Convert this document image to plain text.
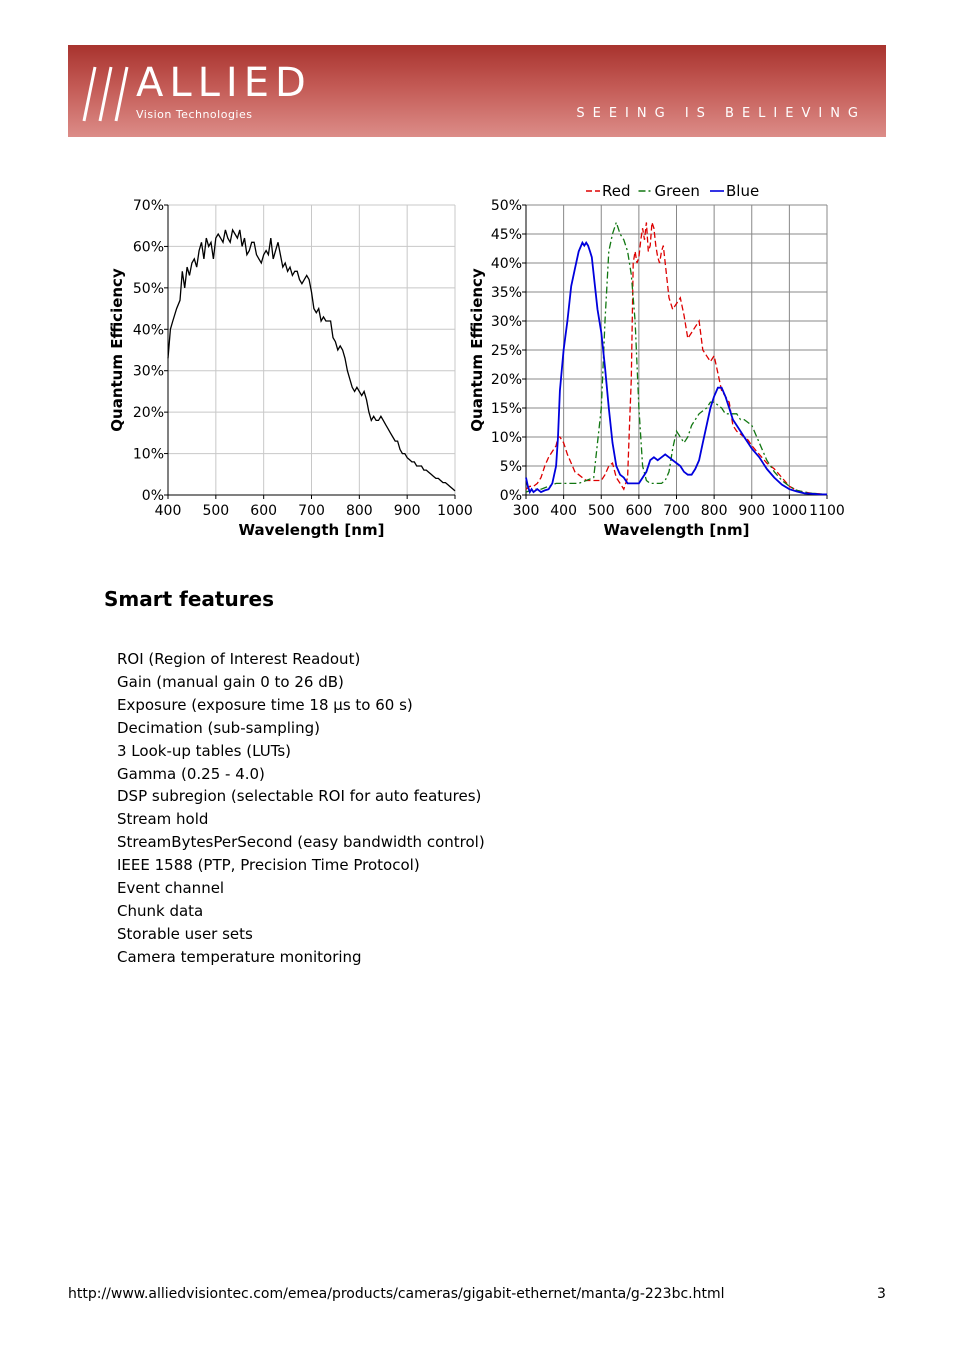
ALLIED
Vision Technologies	SEEING IS BELIEVING
400 500 600 700 800 900 1000
0%
10%
20%
30%
40%
50%
60%
70%
Wavelength [nm]
Quantum Efficiency
300 400 500 600 700 800 900 1000 1100
0%
5%
10%
15%
20%
25%
30%
35%
40%
45%
50%
Wavelength [nm]
Quantum Efficiency
Red Green Blue
Smart features
ROI (Region of Interest Readout)
Gain (manual gain 0 to 26 dB)
Exposure (exposure time 18 µs to 60 s)
Decimation (sub-sampling)
3 Look-up tables (LUTs)
Gamma (0.25 - 4.0)
DSP subregion (selectable ROI for auto features)
Stream hold
StreamBytesPerSecond (easy bandwidth control)
IEEE 1588 (PTP, Precision Time Protocol)
Event channel
Chunk data
Storable user sets
Camera temperature monitoring
http://www.alliedvisiontec.com/emea/products/cameras/gigabit-ethernet/manta/g-223bc.html	3
